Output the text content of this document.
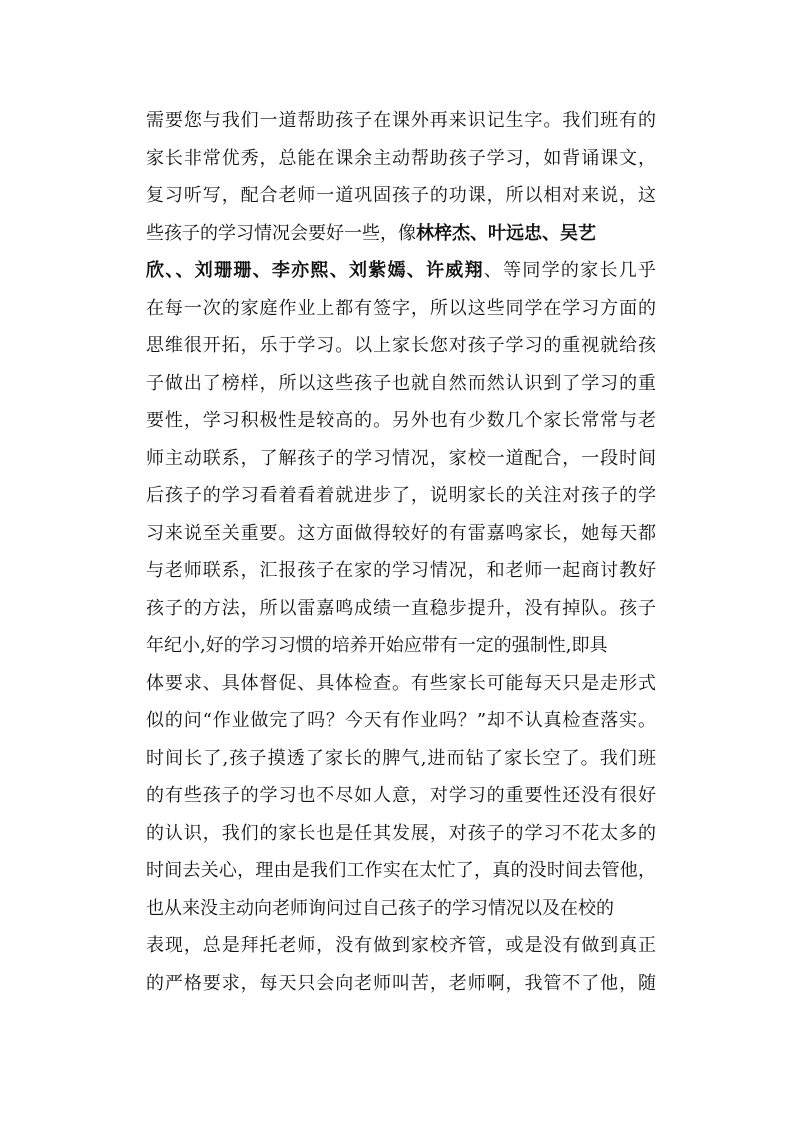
需要您与我们一道帮助孩子在课外再来识记生字。我们班有的
家长非常优秀，总能在课余主动帮助孩子学习，如背诵课文，
复习听写，配合老师一道巩固孩子的功课，所以相对来说，这
些孩子的学习情况会要好一些，像林梓杰、叶远忠、吴艺
欣、、刘珊珊、李亦熙、刘紫嫣、许威翔、等同学的家长几乎
在每一次的家庭作业上都有签字，所以这些同学在学习方面的
思维很开拓，乐于学习。以上家长您对孩子学习的重视就给孩
子做出了榜样，所以这些孩子也就自然而然认识到了学习的重
要性，学习积极性是较高的。另外也有少数几个家长常常与老
师主动联系，了解孩子的学习情况，家校一道配合，一段时间
后孩子的学习看着看着就进步了，说明家长的关注对孩子的学
习来说至关重要。这方面做得较好的有雷嘉鸣家长，她每天都
与老师联系，汇报孩子在家的学习情况，和老师一起商讨教好
孩子的方法，所以雷嘉鸣成绩一直稳步提升，没有掉队。孩子
年纪小,好的学习习惯的培养开始应带有一定的强制性,即具
体要求、具体督促、具体检查。有些家长可能每天只是走形式
似的问“作业做完了吗？今天有作业吗？”却不认真检查落实。
时间长了,孩子摸透了家长的脾气,进而钻了家长空了。我们班
的有些孩子的学习也不尽如人意，对学习的重要性还没有很好
的认识，我们的家长也是任其发展，对孩子的学习不花太多的
时间去关心，理由是我们工作实在太忙了，真的没时间去管他，
也从来没主动向老师询问过自己孩子的学习情况以及在校的
表现，总是拜托老师，没有做到家校齐管，或是没有做到真正
的严格要求，每天只会向老师叫苦，老师啊，我管不了他，随
